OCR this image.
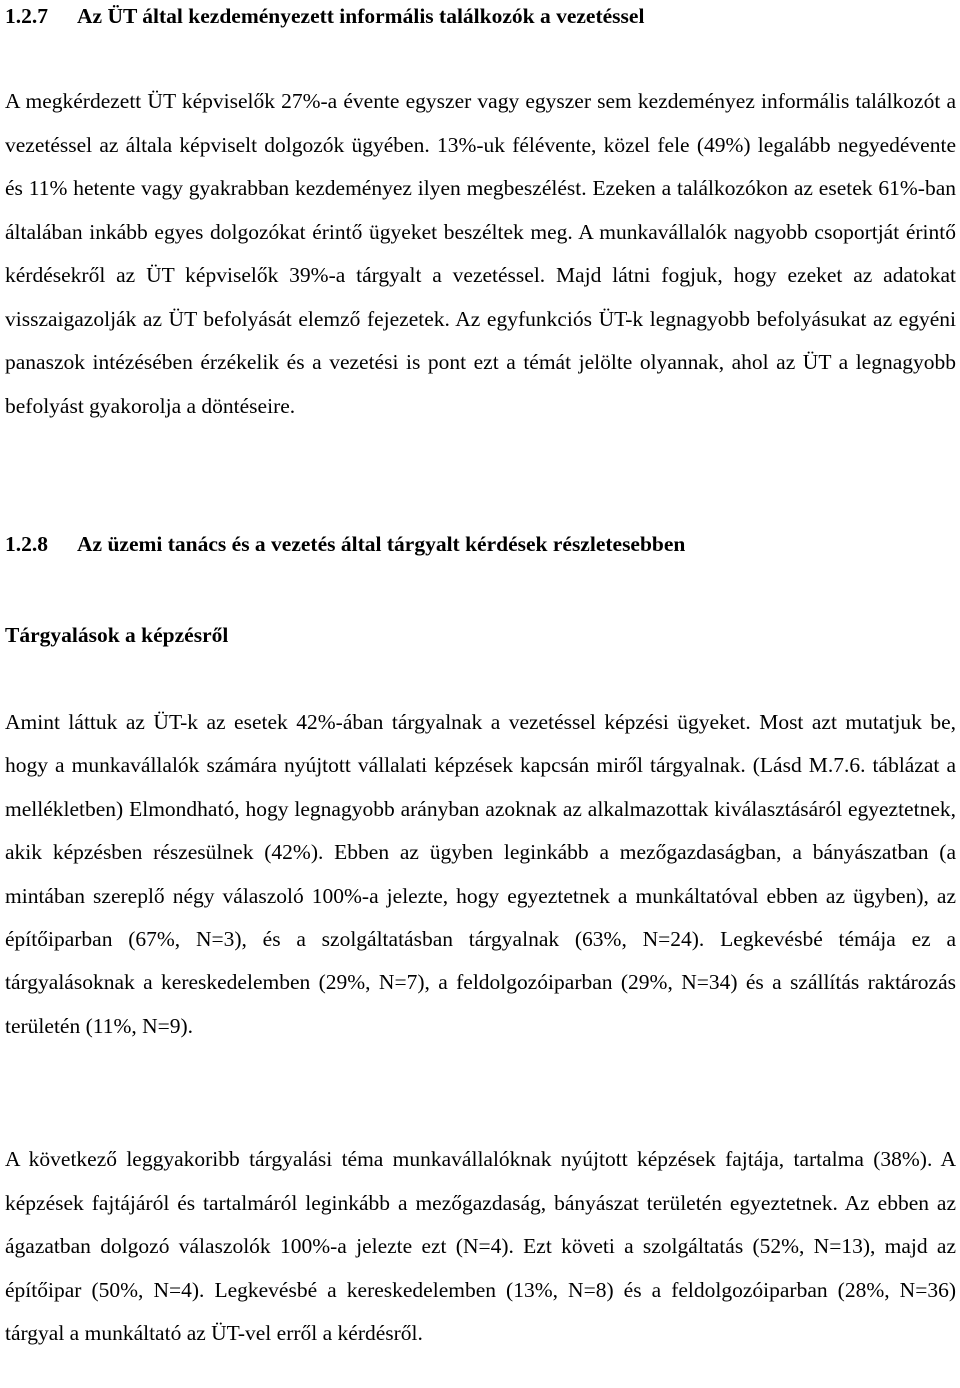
1.2.7 Az ÜT által kezdeményezett informális találkozók a vezetéssel

A megkérdezett ÜT képviselők 27%-a évente egyszer vagy egyszer sem kezdeményez informális találkozót a vezetéssel az általa képviselt dolgozók ügyében. 13%-uk félévente, közel fele (49%) legalább negyedévente és 11% hetente vagy gyakrabban kezdeményez ilyen megbeszélést. Ezeken a találkozókon az esetek 61%-ban általában inkább egyes dolgozókat érintő ügyeket beszéltek meg. A munkavállalók nagyobb csoportját érintő kérdésekről az ÜT képviselők 39%-a tárgyalt a vezetéssel. Majd látni fogjuk, hogy ezeket az adatokat visszaigazolják az ÜT befolyását elemző fejezetek. Az egyfunkciós ÜT-k legnagyobb befolyásukat az egyéni panaszok intézésében érzékelik és a vezetési is pont ezt a témát jelölte olyannak, ahol az ÜT a legnagyobb befolyást gyakorolja a döntéseire.

1.2.8 Az üzemi tanács és a vezetés által tárgyalt kérdések részletesebben
Tárgyalások a képzésről

Amint láttuk az ÜT-k az esetek 42%-ában tárgyalnak a vezetéssel képzési ügyeket. Most azt mutatjuk be, hogy a munkavállalók számára nyújtott vállalati képzések kapcsán miről tárgyalnak. (Lásd M.7.6. táblázat a mellékletben) Elmondható, hogy legnagyobb arányban azoknak az alkalmazottak kiválasztásáról egyeztetnek, akik képzésben részesülnek (42%). Ebben az ügyben leginkább a mezőgazdaságban, a bányászatban (a mintában szereplő négy válaszoló 100%-a jelezte, hogy egyeztetnek a munkáltatóval ebben az ügyben), az építőiparban (67%, N=3), és a szolgáltatásban tárgyalnak (63%, N=24). Legkevésbé témája ez a tárgyalásoknak a kereskedelemben (29%, N=7), a feldolgozóiparban (29%, N=34) és a szállítás raktározás területén (11%, N=9).

A következő leggyakoribb tárgyalási téma munkavállalóknak nyújtott képzések fajtája, tartalma (38%). A képzések fajtájáról és tartalmáról leginkább a mezőgazdaság, bányászat területén egyeztetnek. Az ebben az ágazatban dolgozó válaszolók 100%-a jelezte ezt (N=4). Ezt követi a szolgáltatás (52%, N=13), majd az építőipar (50%, N=4). Legkevésbé a kereskedelemben (13%, N=8) és a feldolgozóiparban (28%, N=36) tárgyal a munkáltató az ÜT-vel erről a kérdésről.
